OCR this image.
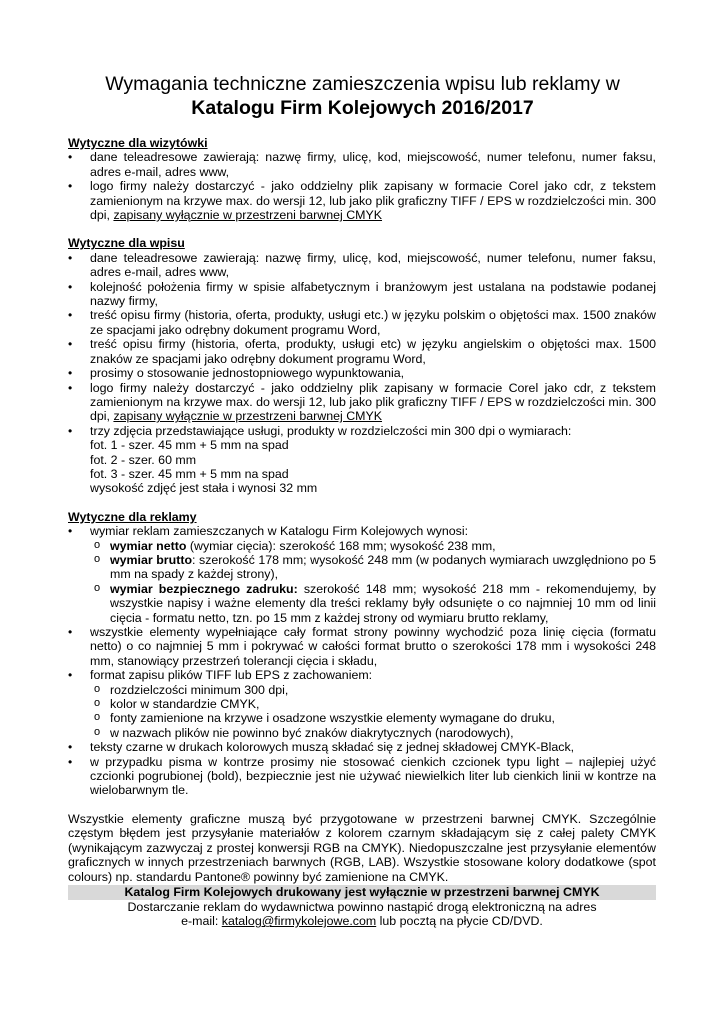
Wymagania techniczne zamieszczenia wpisu lub reklamy w
Katalogu Firm Kolejowych 2016/2017
Wytyczne dla wizytówki
• dane teleadresowe zawierają: nazwę firmy, ulicę, kod, miejscowość, numer telefonu, numer faksu, adres e-mail, adres www,
• logo firmy należy dostarczyć - jako oddzielny plik zapisany w formacie Corel jako cdr, z tekstem zamienionym na krzywe max. do wersji 12, lub jako plik graficzny TIFF / EPS w rozdzielczości min. 300 dpi, zapisany wyłącznie w przestrzeni barwnej CMYK
Wytyczne dla wpisu
• dane teleadresowe zawierają: nazwę firmy, ulicę, kod, miejscowość, numer telefonu, numer faksu, adres e-mail, adres www,
• kolejność położenia firmy w spisie alfabetycznym i branżowym jest ustalana na podstawie podanej nazwy firmy,
• treść opisu firmy (historia, oferta, produkty, usługi etc.) w języku polskim o objętości max. 1500 znaków ze spacjami jako odrębny dokument programu Word,
• treść opisu firmy (historia, oferta, produkty, usługi etc) w języku angielskim o objętości max. 1500 znaków ze spacjami jako odrębny dokument programu Word,
• prosimy o stosowanie jednostopniowego wypunktowania,
• logo firmy należy dostarczyć - jako oddzielny plik zapisany w formacie Corel jako cdr, z tekstem zamienionym na krzywe max. do wersji 12, lub jako plik graficzny TIFF / EPS w rozdzielczości min. 300 dpi, zapisany wyłącznie w przestrzeni barwnej CMYK
• trzy zdjęcia przedstawiające usługi, produkty w rozdzielczości min 300 dpi o wymiarach:
fot. 1 - szer. 45 mm + 5 mm na spad
fot. 2 - szer. 60 mm
fot. 3 - szer. 45 mm + 5 mm na spad
wysokość zdjęć jest stała i wynosi 32 mm
Wytyczne dla reklamy
• wymiar reklam zamieszczanych w Katalogu Firm Kolejowych wynosi:
o wymiar netto (wymiar cięcia): szerokość 168 mm; wysokość 238 mm,
o wymiar brutto: szerokość 178 mm; wysokość 248 mm (w podanych wymiarach uwzględniono po 5 mm na spady z każdej strony),
o wymiar bezpiecznego zadruku: szerokość 148 mm; wysokość 218 mm - rekomendujemy, by wszystkie napisy i ważne elementy dla treści reklamy były odsunięte o co najmniej 10 mm od linii cięcia - formatu netto, tzn. po 15 mm z każdej strony od wymiaru brutto reklamy,
• wszystkie elementy wypełniające cały format strony powinny wychodzić poza linię cięcia (formatu netto) o co najmniej 5 mm i pokrywać w całości format brutto o szerokości 178 mm i wysokości 248 mm, stanowiący przestrzeń tolerancji cięcia i składu,
• format zapisu plików TIFF lub EPS z zachowaniem:
o rozdzielczości minimum 300 dpi,
o kolor w standardzie CMYK,
o fonty zamienione na krzywe i osadzone wszystkie elementy wymagane do druku,
o w nazwach plików nie powinno być znaków diakrytycznych (narodowych),
• teksty czarne w drukach kolorowych muszą składać się z jednej składowej CMYK-Black,
• w przypadku pisma w kontrze prosimy nie stosować cienkich czcionek typu light – najlepiej użyć czcionki pogrubionej (bold), bezpiecznie jest nie używać niewielkich liter lub cienkich linii w kontrze na wielobarwnym tle.
Wszystkie elementy graficzne muszą być przygotowane w przestrzeni barwnej CMYK. Szczególnie częstym błędem jest przysyłanie materiałów z kolorem czarnym składającym się z całej palety CMYK (wynikającym zazwyczaj z prostej konwersji RGB na CMYK). Niedopuszczalne jest przysyłanie elementów graficznych w innych przestrzeniach barwnych (RGB, LAB). Wszystkie stosowane kolory dodatkowe (spot colours) np. standardu Pantone® powinny być zamienione na CMYK.
Katalog Firm Kolejowych drukowany jest wyłącznie w przestrzeni barwnej CMYK
Dostarczanie reklam do wydawnictwa powinno nastąpić drogą elektroniczną na adres
e-mail: katalog@firmykolejowe.com lub pocztą na płycie CD/DVD.
